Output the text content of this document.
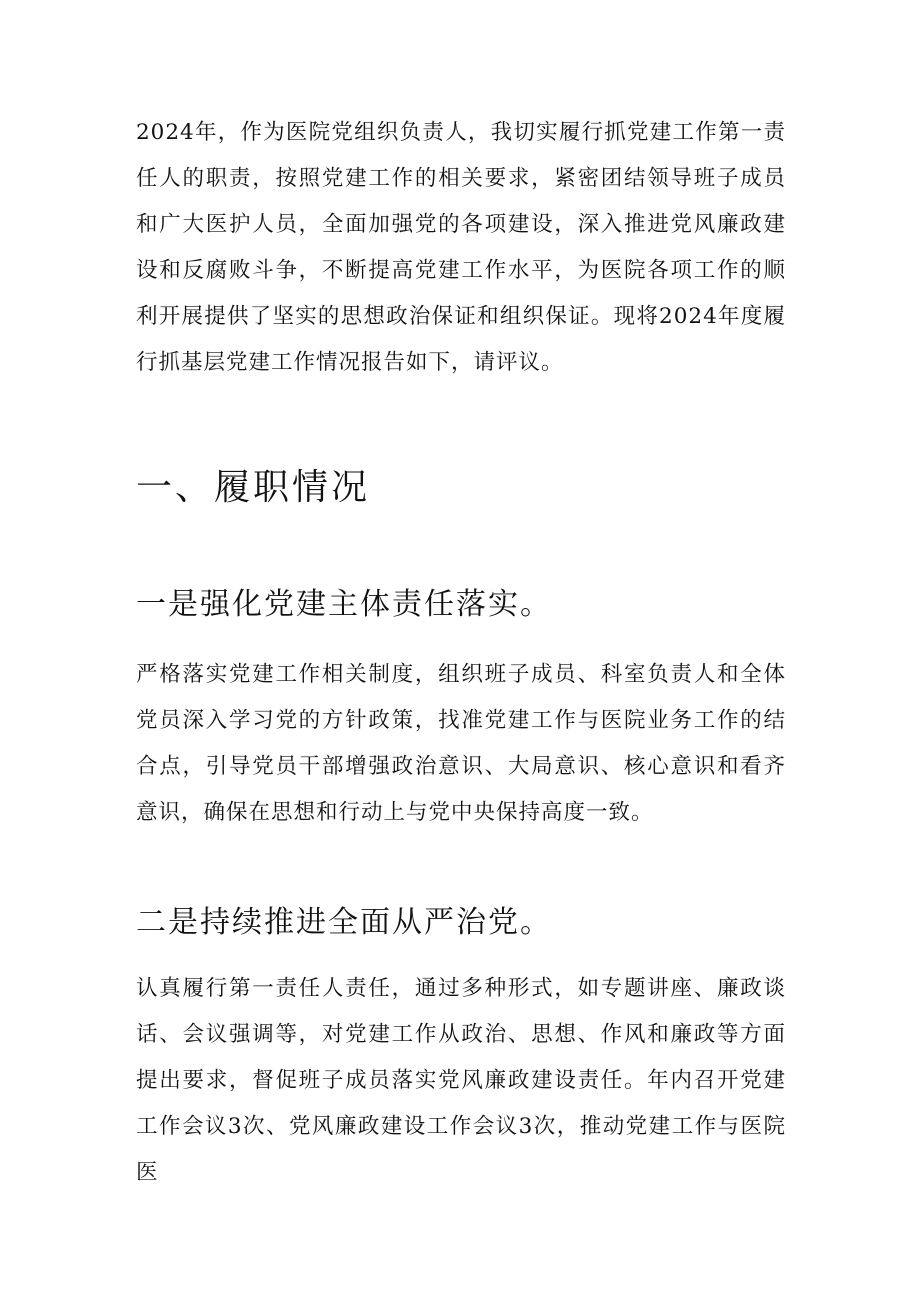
2024年，作为医院党组织负责人，我切实履行抓党建工作第一责任人的职责，按照党建工作的相关要求，紧密团结领导班子成员和广大医护人员，全面加强党的各项建设，深入推进党风廉政建设和反腐败斗争，不断提高党建工作水平，为医院各项工作的顺利开展提供了坚实的思想政治保证和组织保证。现将2024年度履行抓基层党建工作情况报告如下，请评议。

一、履职情况
一是强化党建主体责任落实。

严格落实党建工作相关制度，组织班子成员、科室负责人和全体党员深入学习党的方针政策，找准党建工作与医院业务工作的结合点，引导党员干部增强政治意识、大局意识、核心意识和看齐意识，确保在思想和行动上与党中央保持高度一致。

二是持续推进全面从严治党。

认真履行第一责任人责任，通过多种形式，如专题讲座、廉政谈话、会议强调等，对党建工作从政治、思想、作风和廉政等方面提出要求，督促班子成员落实党风廉政建设责任。年内召开党建工作会议3次、党风廉政建设工作会议3次，推动党建工作与医院医
